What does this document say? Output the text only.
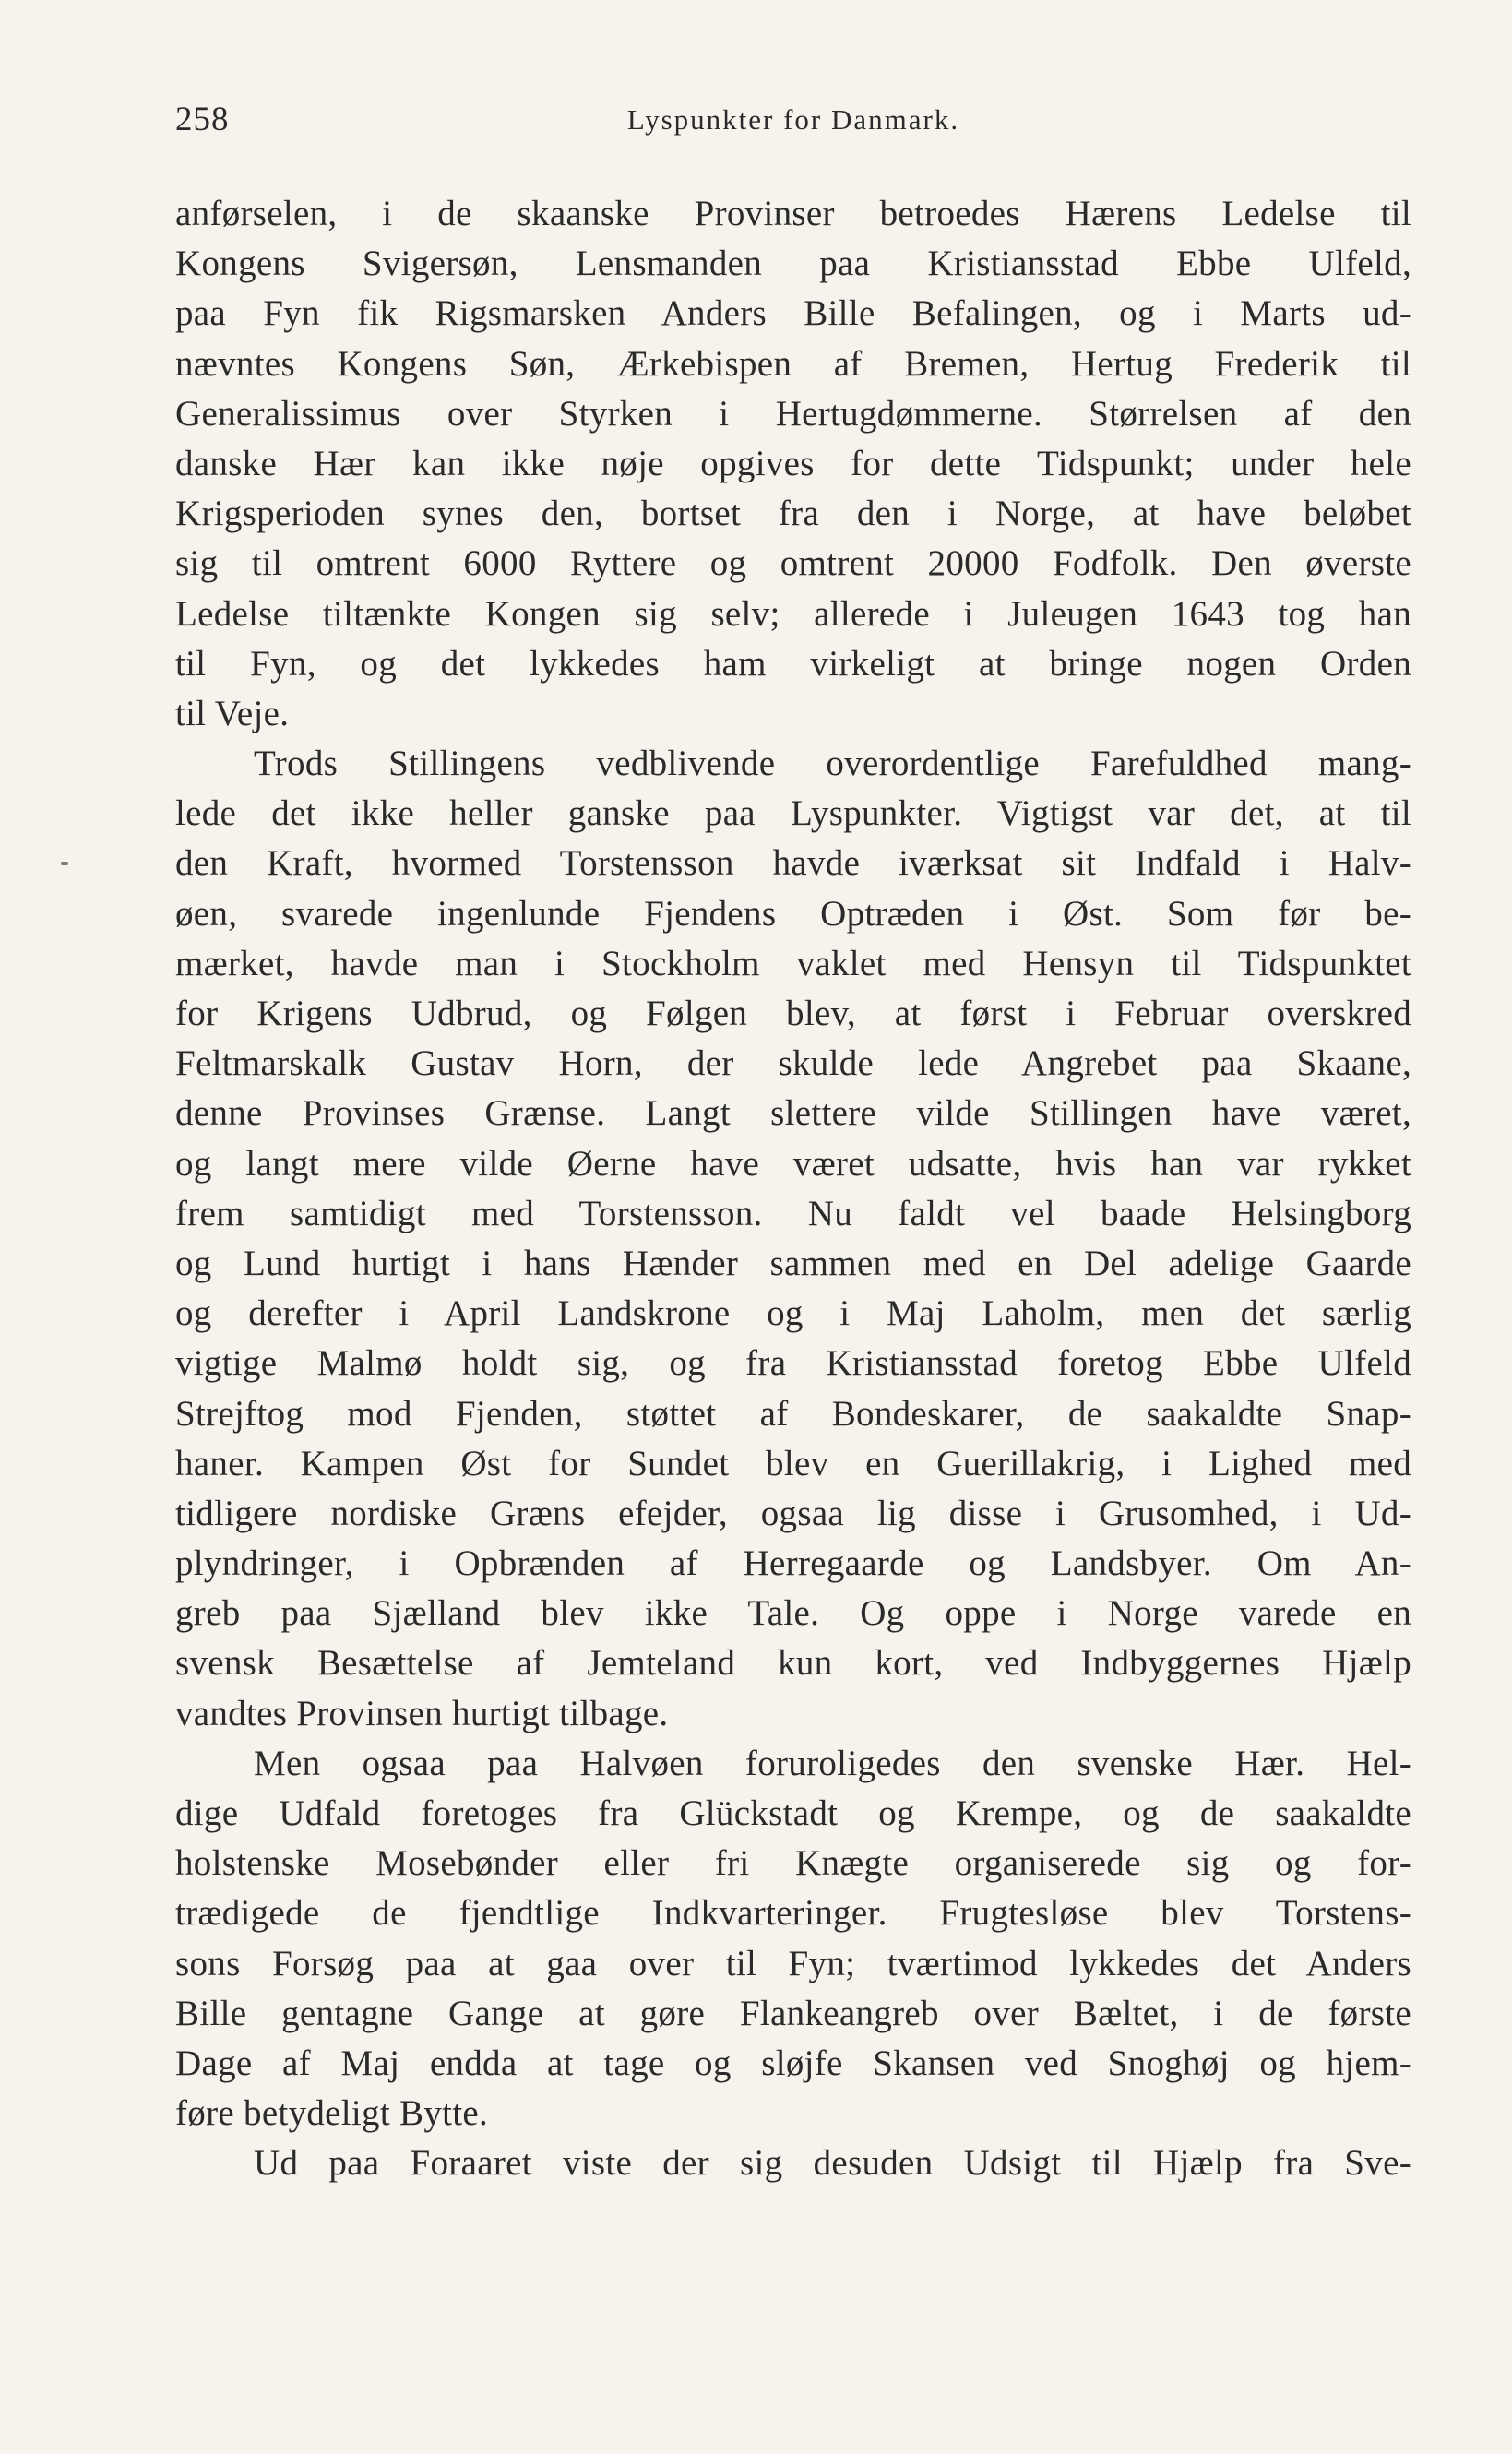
258	Lyspunkter for Danmark.
anførselen, i de skaanske Provinser betroedes Hærens Ledelse til
Kongens Svigersøn, Lensmanden paa Kristiansstad Ebbe Ulfeld,
paa Fyn fik Rigsmarsken Anders Bille Befalingen, og i Marts ud-
nævntes Kongens Søn, Ærkebispen af Bremen, Hertug Frederik til
Generalissimus over Styrken i Hertugdømmerne. Størrelsen af den
danske Hær kan ikke nøje opgives for dette Tidspunkt; under hele
Krigsperioden synes den, bortset fra den i Norge, at have beløbet
sig til omtrent 6000 Ryttere og omtrent 20000 Fodfolk. Den øverste
Ledelse tiltænkte Kongen sig selv; allerede i Juleugen 1643 tog han
til Fyn, og det lykkedes ham virkeligt at bringe nogen Orden
til Veje.
Trods Stillingens vedblivende overordentlige Farefuldhed mang-
lede det ikke heller ganske paa Lyspunkter. Vigtigst var det, at til
den Kraft, hvormed Torstensson havde iværksat sit Indfald i Halv-
øen, svarede ingenlunde Fjendens Optræden i Øst. Som før be-
mærket, havde man i Stockholm vaklet med Hensyn til Tidspunktet
for Krigens Udbrud, og Følgen blev, at først i Februar overskred
Feltmarskalk Gustav Horn, der skulde lede Angrebet paa Skaane,
denne Provinses Grænse. Langt slettere vilde Stillingen have været,
og langt mere vilde Øerne have været udsatte, hvis han var rykket
frem samtidigt med Torstensson. Nu faldt vel baade Helsingborg
og Lund hurtigt i hans Hænder sammen med en Del adelige Gaarde
og derefter i April Landskrone og i Maj Laholm, men det særlig
vigtige Malmø holdt sig, og fra Kristiansstad foretog Ebbe Ulfeld
Strejftog mod Fjenden, støttet af Bondeskarer, de saakaldte Snap-
haner. Kampen Øst for Sundet blev en Guerillakrig, i Lighed med
tidligere nordiske Græns efejder, ogsaa lig disse i Grusomhed, i Ud-
plyndringer, i Opbrænden af Herregaarde og Landsbyer. Om An-
greb paa Sjælland blev ikke Tale. Og oppe i Norge varede en
svensk Besættelse af Jemteland kun kort, ved Indbyggernes Hjælp
vandtes Provinsen hurtigt tilbage.
Men ogsaa paa Halvøen foruroligedes den svenske Hær. Hel-
dige Udfald foretoges fra Glückstadt og Krempe, og de saakaldte
holstenske Mosebønder eller fri Knægte organiserede sig og for-
trædigede de fjendtlige Indkvarteringer. Frugtesløse blev Torstens-
sons Forsøg paa at gaa over til Fyn; tværtimod lykkedes det Anders
Bille gentagne Gange at gøre Flankeangreb over Bæltet, i de første
Dage af Maj endda at tage og sløjfe Skansen ved Snoghøj og hjem-
føre betydeligt Bytte.
Ud paa Foraaret viste der sig desuden Udsigt til Hjælp fra Sve-
